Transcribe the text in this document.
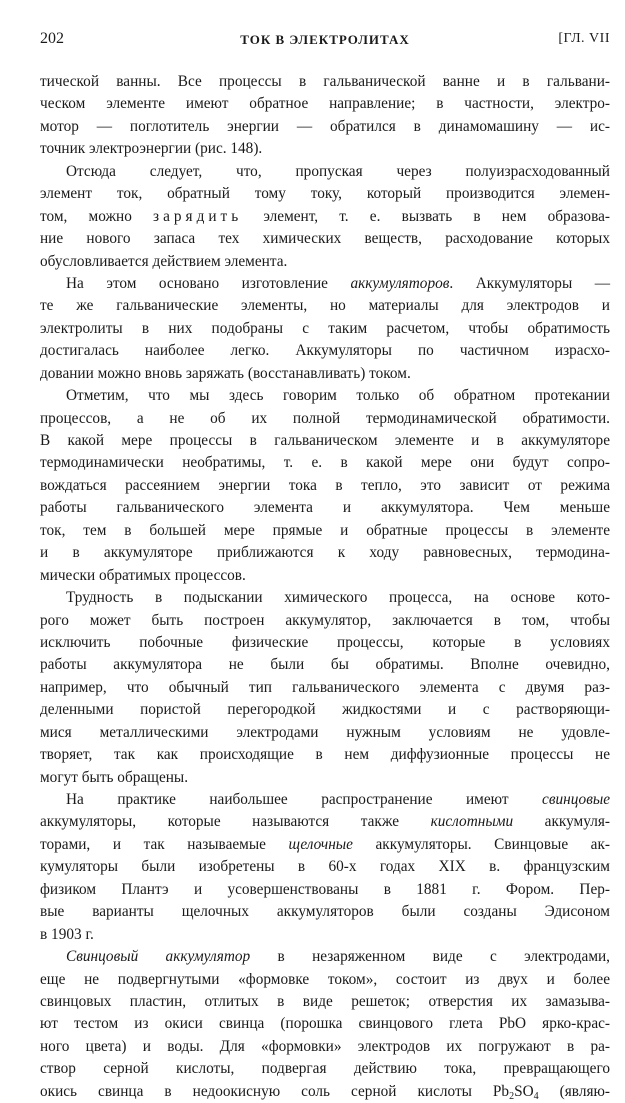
202	ТОК В ЭЛЕКТРОЛИТАХ	[ГЛ. VII
тической ванны. Все процессы в гальванической ванне и в гальвани-
ческом элементе имеют обратное направление; в частности, электро-
мотор — поглотитель энергии — обратился в динамомашину — ис-
точник электроэнергии (рис. 148).
Отсюда следует, что, пропуская через полуизрасходованный
элемент ток, обратный тому току, который производится элемен-
том, можно зарядить элемент, т. е. вызвать в нем образова-
ние нового запаса тех химических веществ, расходование которых
обусловливается действием элемента.
На этом основано изготовление аккумуляторов. Аккумуляторы —
те же гальванические элементы, но материалы для электродов и
электролиты в них подобраны с таким расчетом, чтобы обратимость
достигалась наиболее легко. Аккумуляторы по частичном израсхо-
довании можно вновь заряжать (восстанавливать) током.
Отметим, что мы здесь говорим только об обратном протекании
процессов, а не об их полной термодинамической обратимости.
В какой мере процессы в гальваническом элементе и в аккумуляторе
термодинамически необратимы, т. е. в какой мере они будут сопро-
вождаться рассеянием энергии тока в тепло, это зависит от режима
работы гальванического элемента и аккумулятора. Чем меньше
ток, тем в большей мере прямые и обратные процессы в элементе
и в аккумуляторе приближаются к ходу равновесных, термодина-
мически обратимых процессов.
Трудность в подыскании химического процесса, на основе кото-
рого может быть построен аккумулятор, заключается в том, чтобы
исключить побочные физические процессы, которые в условиях
работы аккумулятора не были бы обратимы. Вполне очевидно,
например, что обычный тип гальванического элемента с двумя раз-
деленными пористой перегородкой жидкостями и с растворяющи-
мися металлическими электродами нужным условиям не удовле-
творяет, так как происходящие в нем диффузионные процессы не
могут быть обращены.
На практике наибольшее распространение имеют свинцовые
аккумуляторы, которые называются также кислотными аккумуля-
торами, и так называемые щелочные аккумуляторы. Свинцовые ак-
кумуляторы были изобретены в 60-х годах XIX в. французским
физиком Плантэ и усовершенствованы в 1881 г. Фором. Пер-
вые варианты щелочных аккумуляторов были созданы Эдисоном
в 1903 г.
Свинцовый аккумулятор в незаряженном виде с электродами,
еще не подвергнутыми «формовке током», состоит из двух и более
свинцовых пластин, отлитых в виде решеток; отверстия их замазыва-
ют тестом из окиси свинца (порошка свинцового глета PbO ярко-крас-
ного цвета) и воды. Для «формовки» электродов их погружают в ра-
створ серной кислоты, подвергая действию тока, превращающего
окись свинца в недоокисную соль серной кислоты $Pb_2SO_4$ (являю-
